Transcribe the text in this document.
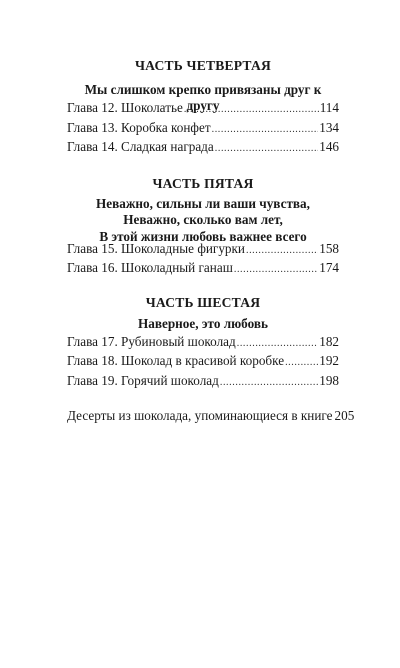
ЧАСТЬ ЧЕТВЕРТАЯ
Мы слишком крепко привязаны друг к другу
Глава 12. Шоколатье .....	114
Глава 13. Коробка конфет .....	134
Глава 14. Сладкая награда .....	146
ЧАСТЬ ПЯТАЯ
Неважно, сильны ли ваши чувства,
Неважно, сколько вам лет,
В этой жизни любовь важнее всего
Глава 15. Шоколадные фигурки .....	158
Глава 16. Шоколадный ганаш .....	174
ЧАСТЬ ШЕСТАЯ
Наверное, это любовь
Глава 17. Рубиновый шоколад .....	182
Глава 18. Шоколад в красивой коробке .....	192
Глава 19. Горячий шоколад .....	198
Десерты из шоколада, упоминающиеся в книге 205
